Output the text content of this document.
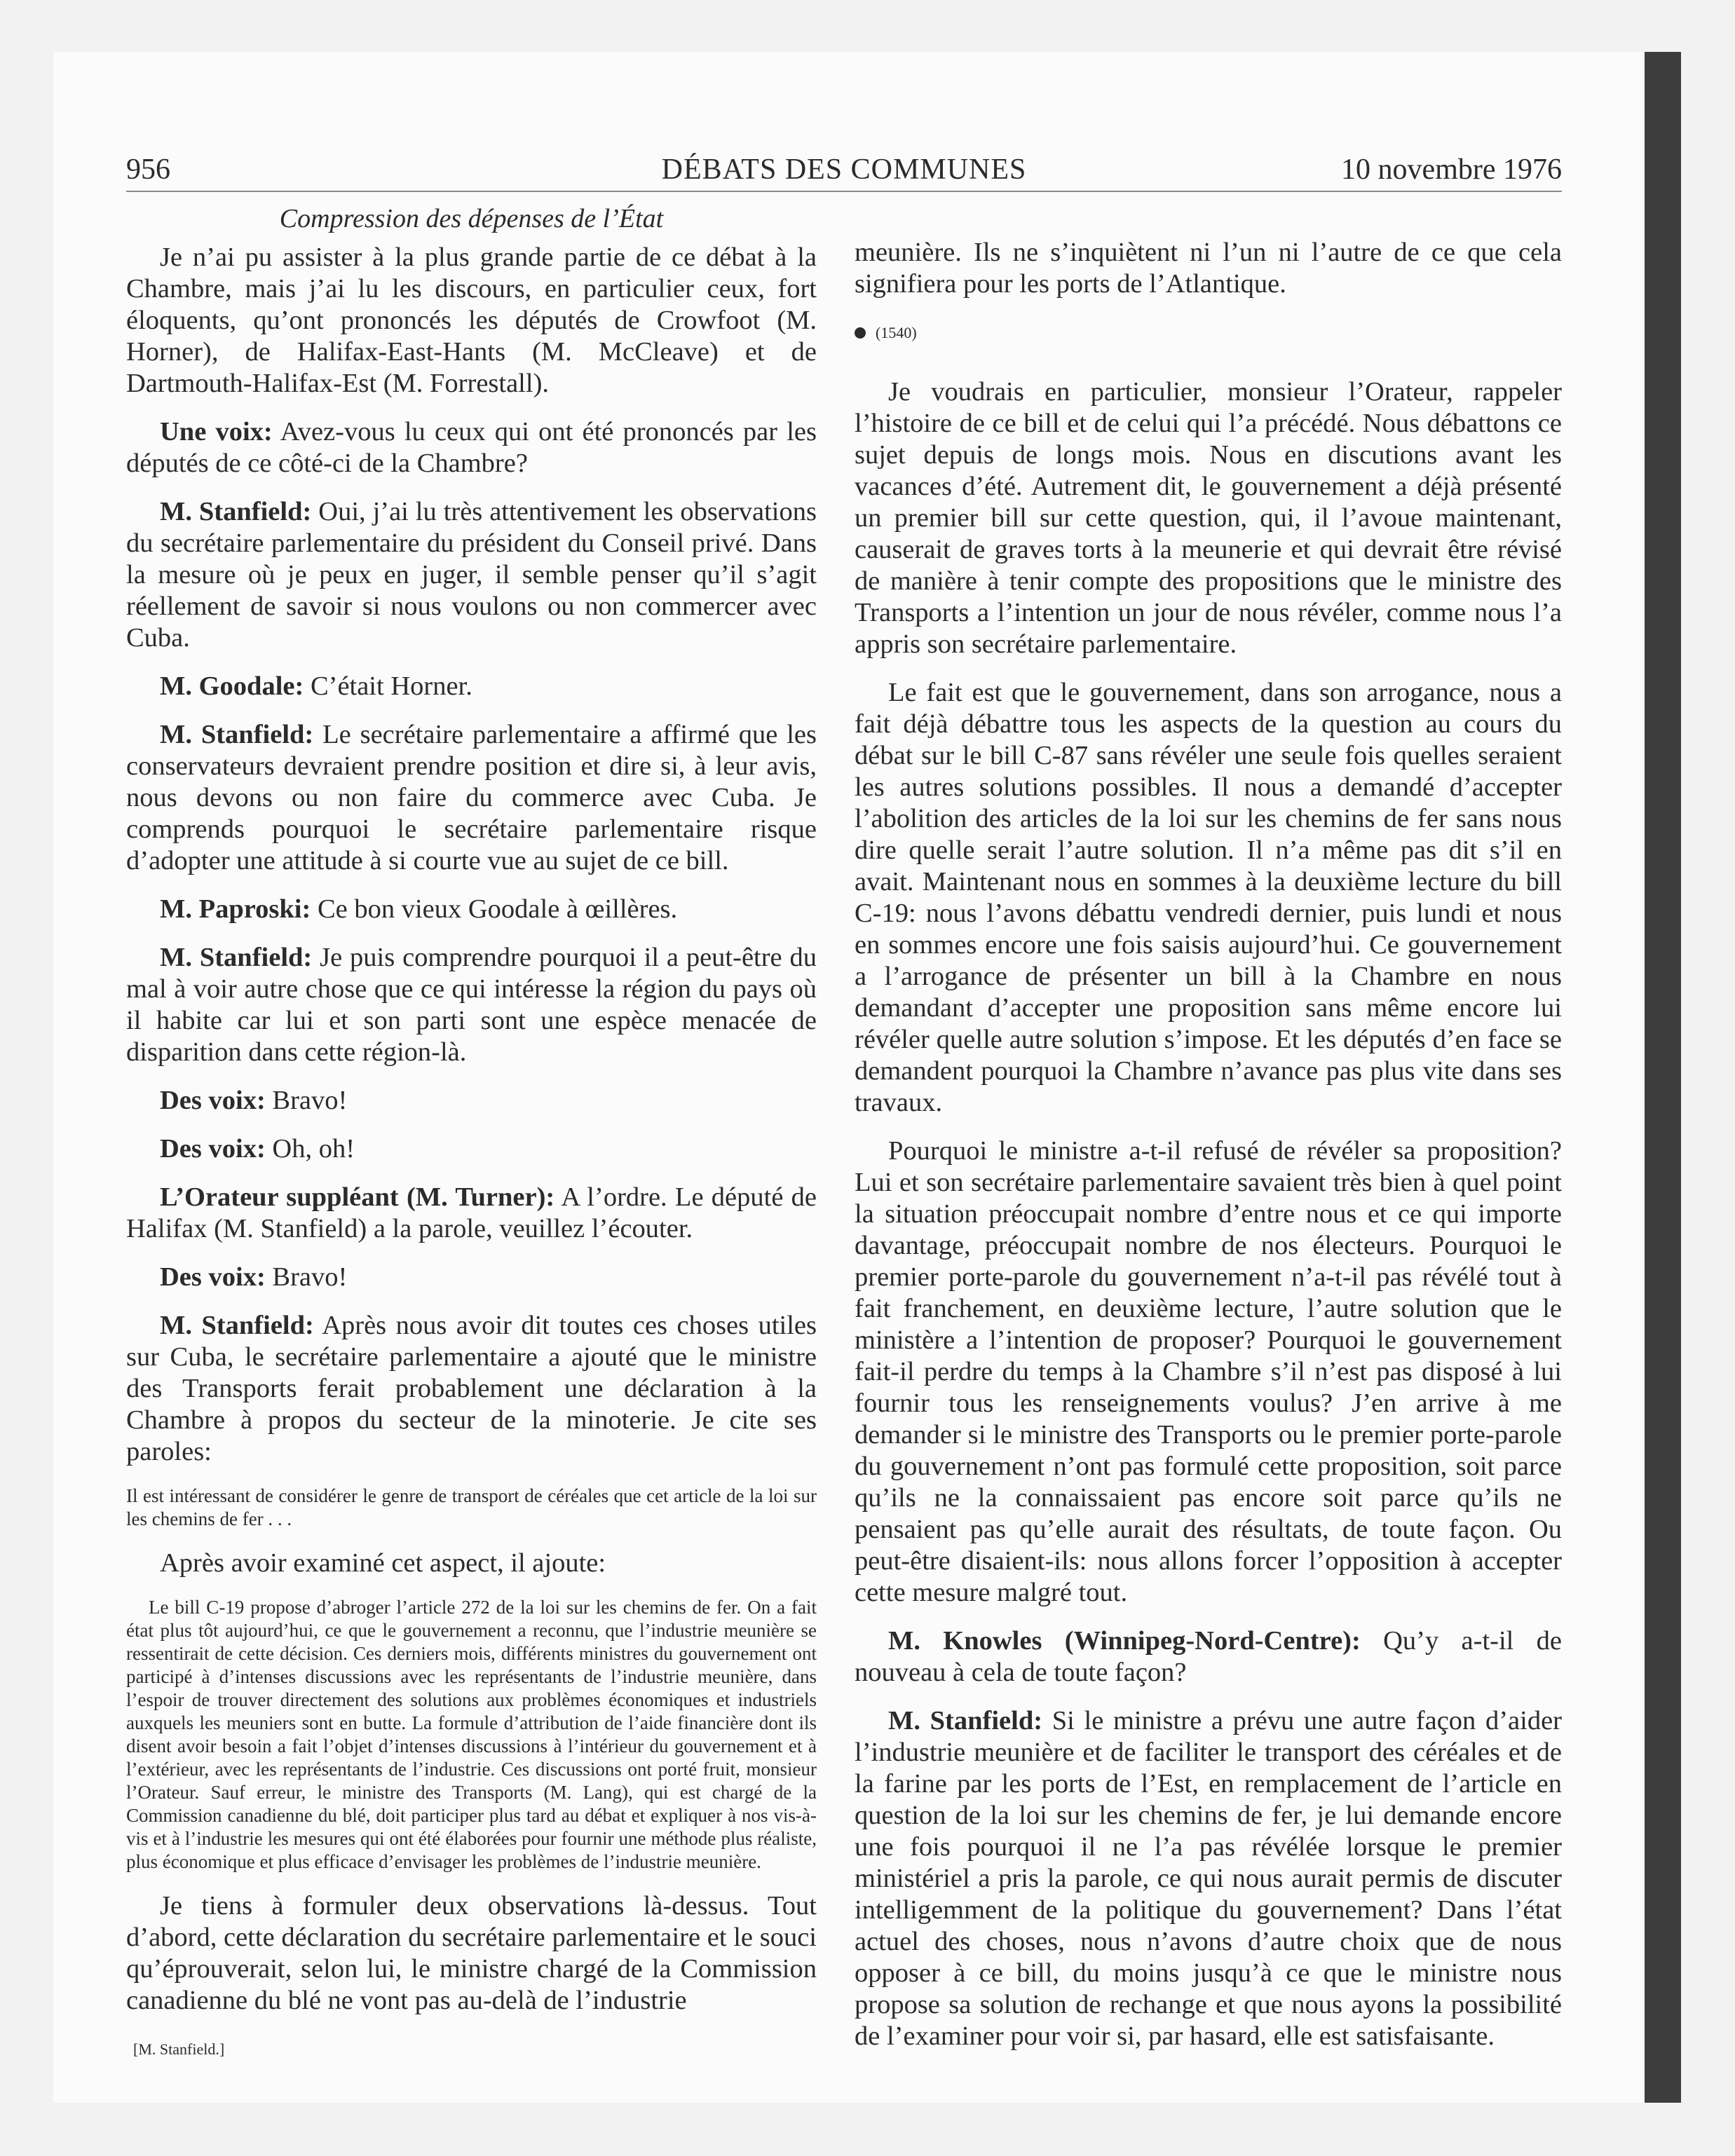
956	DÉBATS DES COMMUNES	10 novembre 1976
Compression des dépenses de l’État

Je n’ai pu assister à la plus grande partie de ce débat à la Chambre, mais j’ai lu les discours, en particulier ceux, fort éloquents, qu’ont prononcés les députés de Crowfoot (M. Horner), de Halifax-East-Hants (M. McCleave) et de Dartmouth-Halifax-Est (M. Forrestall).

Une voix: Avez-vous lu ceux qui ont été prononcés par les députés de ce côté-ci de la Chambre?

M. Stanfield: Oui, j’ai lu très attentivement les observations du secrétaire parlementaire du président du Conseil privé. Dans la mesure où je peux en juger, il semble penser qu’il s’agit réellement de savoir si nous voulons ou non commercer avec Cuba.

M. Goodale: C’était Horner.

M. Stanfield: Le secrétaire parlementaire a affirmé que les conservateurs devraient prendre position et dire si, à leur avis, nous devons ou non faire du commerce avec Cuba. Je comprends pourquoi le secrétaire parlementaire risque d’adopter une attitude à si courte vue au sujet de ce bill.

M. Paproski: Ce bon vieux Goodale à œillères.

M. Stanfield: Je puis comprendre pourquoi il a peut-être du mal à voir autre chose que ce qui intéresse la région du pays où il habite car lui et son parti sont une espèce menacée de disparition dans cette région-là.

Des voix: Bravo!

Des voix: Oh, oh!

L’Orateur suppléant (M. Turner): A l’ordre. Le député de Halifax (M. Stanfield) a la parole, veuillez l’écouter.

Des voix: Bravo!

M. Stanfield: Après nous avoir dit toutes ces choses utiles sur Cuba, le secrétaire parlementaire a ajouté que le ministre des Transports ferait probablement une déclaration à la Chambre à propos du secteur de la minoterie. Je cite ses paroles:

Il est intéressant de considérer le genre de transport de céréales que cet article de la loi sur les chemins de fer . . .

Après avoir examiné cet aspect, il ajoute:

Le bill C-19 propose d’abroger l’article 272 de la loi sur les chemins de fer. On a fait état plus tôt aujourd’hui, ce que le gouvernement a reconnu, que l’industrie meunière se ressentirait de cette décision. Ces derniers mois, différents ministres du gouvernement ont participé à d’intenses discussions avec les représentants de l’industrie meunière, dans l’espoir de trouver directement des solutions aux problèmes économiques et industriels auxquels les meuniers sont en butte. La formule d’attribution de l’aide financière dont ils disent avoir besoin a fait l’objet d’intenses discussions à l’intérieur du gouvernement et à l’extérieur, avec les représentants de l’industrie. Ces discussions ont porté fruit, monsieur l’Orateur. Sauf erreur, le ministre des Transports (M. Lang), qui est chargé de la Commission canadienne du blé, doit participer plus tard au débat et expliquer à nos vis-à-vis et à l’industrie les mesures qui ont été élaborées pour fournir une méthode plus réaliste, plus économique et plus efficace d’envisager les problèmes de l’industrie meunière.

Je tiens à formuler deux observations là-dessus. Tout d’abord, cette déclaration du secrétaire parlementaire et le souci qu’éprouverait, selon lui, le ministre chargé de la Commission canadienne du blé ne vont pas au-delà de l’industrie

[M. Stanfield.]

meunière. Ils ne s’inquiètent ni l’un ni l’autre de ce que cela signifiera pour les ports de l’Atlantique.

(1540)

Je voudrais en particulier, monsieur l’Orateur, rappeler l’histoire de ce bill et de celui qui l’a précédé. Nous débattons ce sujet depuis de longs mois. Nous en discutions avant les vacances d’été. Autrement dit, le gouvernement a déjà présenté un premier bill sur cette question, qui, il l’avoue maintenant, causerait de graves torts à la meunerie et qui devrait être révisé de manière à tenir compte des propositions que le ministre des Transports a l’intention un jour de nous révéler, comme nous l’a appris son secrétaire parlementaire.

Le fait est que le gouvernement, dans son arrogance, nous a fait déjà débattre tous les aspects de la question au cours du débat sur le bill C-87 sans révéler une seule fois quelles seraient les autres solutions possibles. Il nous a demandé d’accepter l’abolition des articles de la loi sur les chemins de fer sans nous dire quelle serait l’autre solution. Il n’a même pas dit s’il en avait. Maintenant nous en sommes à la deuxième lecture du bill C-19: nous l’avons débattu vendredi dernier, puis lundi et nous en sommes encore une fois saisis aujourd’hui. Ce gouvernement a l’arrogance de présenter un bill à la Chambre en nous demandant d’accepter une proposition sans même encore lui révéler quelle autre solution s’impose. Et les députés d’en face se demandent pourquoi la Chambre n’avance pas plus vite dans ses travaux.

Pourquoi le ministre a-t-il refusé de révéler sa proposition? Lui et son secrétaire parlementaire savaient très bien à quel point la situation préoccupait nombre d’entre nous et ce qui importe davantage, préoccupait nombre de nos électeurs. Pourquoi le premier porte-parole du gouvernement n’a-t-il pas révélé tout à fait franchement, en deuxième lecture, l’autre solution que le ministère a l’intention de proposer? Pourquoi le gouvernement fait-il perdre du temps à la Chambre s’il n’est pas disposé à lui fournir tous les renseignements voulus? J’en arrive à me demander si le ministre des Transports ou le premier porte-parole du gouvernement n’ont pas formulé cette proposition, soit parce qu’ils ne la connaissaient pas encore soit parce qu’ils ne pensaient pas qu’elle aurait des résultats, de toute façon. Ou peut-être disaient-ils: nous allons forcer l’opposition à accepter cette mesure malgré tout.

M. Knowles (Winnipeg-Nord-Centre): Qu’y a-t-il de nouveau à cela de toute façon?

M. Stanfield: Si le ministre a prévu une autre façon d’aider l’industrie meunière et de faciliter le transport des céréales et de la farine par les ports de l’Est, en remplacement de l’article en question de la loi sur les chemins de fer, je lui demande encore une fois pourquoi il ne l’a pas révélée lorsque le premier ministériel a pris la parole, ce qui nous aurait permis de discuter intelligemment de la politique du gouvernement? Dans l’état actuel des choses, nous n’avons d’autre choix que de nous opposer à ce bill, du moins jusqu’à ce que le ministre nous propose sa solution de rechange et que nous ayons la possibilité de l’examiner pour voir si, par hasard, elle est satisfaisante.
